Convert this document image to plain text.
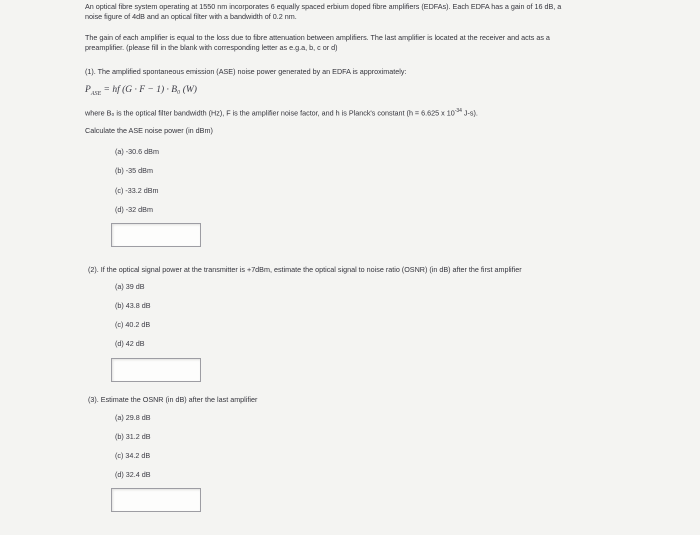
An optical fibre system operating at 1550 nm incorporates 6 equally spaced erbium doped fibre amplifiers (EDFAs). Each EDFA has a gain of 16 dB, a
noise figure of 4dB and an optical filter with a bandwidth of 0.2 nm.
The gain of each amplifier is equal to the loss due to fibre attenuation between amplifiers. The last amplifier is located at the receiver and acts as a
preamplifier. (please fill in the blank with corresponding letter as e.g.a, b, c or d)
(1). The amplified spontaneous emission (ASE) noise power generated by an EDFA is approximately:
$P_{ASE}$ = hf (G · F − 1) · B₀ (W)
where B₀ is the optical filter bandwidth (Hz), F is the amplifier noise factor, and h is Planck's constant (h = 6.625 x $10^{-34}$ J-s).
Calculate the ASE noise power (in dBm)
(a) -30.6 dBm
(b) -35 dBm
(c) -33.2 dBm
(d) -32 dBm
(2). If the optical signal power at the transmitter is +7dBm, estimate the optical signal to noise ratio (OSNR) (in dB) after the first amplifier
(a) 39 dB
(b) 43.8 dB
(c) 40.2 dB
(d) 42 dB
(3). Estimate the OSNR (in dB) after the last amplifier
(a) 29.8 dB
(b) 31.2 dB
(c) 34.2 dB
(d) 32.4 dB
